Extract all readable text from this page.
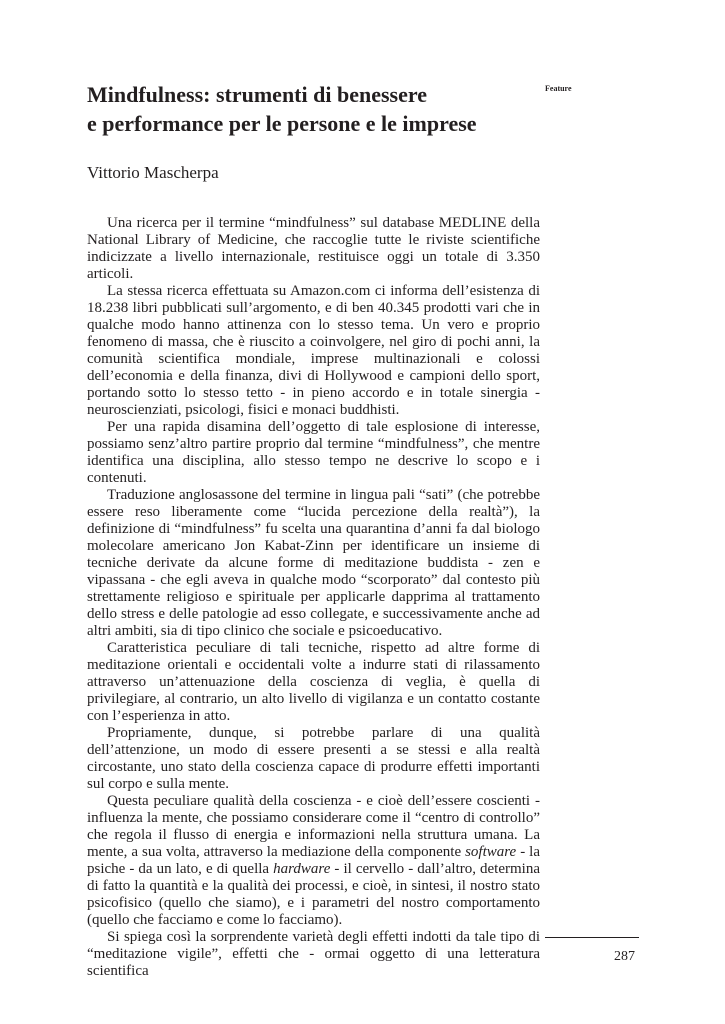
Feature
Mindfulness: strumenti di benessere
e performance per le persone e le imprese
Vittorio Mascherpa

Una ricerca per il termine “mindfulness” sul database MEDLINE della National Library of Medicine, che raccoglie tutte le riviste scientifiche indicizzate a livello internazionale, restituisce oggi un totale di 3.350 articoli.

La stessa ricerca effettuata su Amazon.com ci informa dell’esistenza di 18.238 libri pubblicati sull’argomento, e di ben 40.345 prodotti vari che in qualche modo hanno attinenza con lo stesso tema. Un vero e proprio fenomeno di massa, che è riuscito a coinvolgere, nel giro di pochi anni, la comunità scientifica mondiale, imprese multinazionali e colossi dell’economia e della finanza, divi di Hollywood e campioni dello sport, portando sotto lo stesso tetto - in pieno accordo e in totale sinergia - neuroscienziati, psicologi, fisici e monaci buddhisti.

Per una rapida disamina dell’oggetto di tale esplosione di interesse, possiamo senz’altro partire proprio dal termine “mindfulness”, che mentre identifica una disciplina, allo stesso tempo ne descrive lo scopo e i contenuti.

Traduzione anglosassone del termine in lingua pali “sati” (che potrebbe essere reso liberamente come “lucida percezione della realtà”), la definizione di “mindfulness” fu scelta una quarantina d’anni fa dal biologo molecolare americano Jon Kabat-Zinn per identificare un insieme di tecniche derivate da alcune forme di meditazione buddista - zen e vipassana - che egli aveva in qualche modo “scorporato” dal contesto più strettamente religioso e spirituale per applicarle dapprima al trattamento dello stress e delle patologie ad esso collegate, e successivamente anche ad altri ambiti, sia di tipo clinico che sociale e psicoeducativo.

Caratteristica peculiare di tali tecniche, rispetto ad altre forme di meditazione orientali e occidentali volte a indurre stati di rilassamento attraverso un’attenuazione della coscienza di veglia, è quella di privilegiare, al contrario, un alto livello di vigilanza e un contatto costante con l’esperienza in atto.

Propriamente, dunque, si potrebbe parlare di una qualità dell’attenzione, un modo di essere presenti a se stessi e alla realtà circostante, uno stato della coscienza capace di produrre effetti importanti sul corpo e sulla mente.

Questa peculiare qualità della coscienza - e cioè dell’essere coscienti - influenza la mente, che possiamo considerare come il “centro di controllo” che regola il flusso di energia e informazioni nella struttura umana. La mente, a sua volta, attraverso la mediazione della componente software - la psiche - da un lato, e di quella hardware - il cervello - dall’altro, determina di fatto la quantità e la qualità dei processi, e cioè, in sintesi, il nostro stato psicofisico (quello che siamo), e i parametri del nostro comportamento (quello che facciamo e come lo facciamo).

Si spiega così la sorprendente varietà degli effetti indotti da tale tipo di “meditazione vigile”, effetti che - ormai oggetto di una letteratura scientifica

287
